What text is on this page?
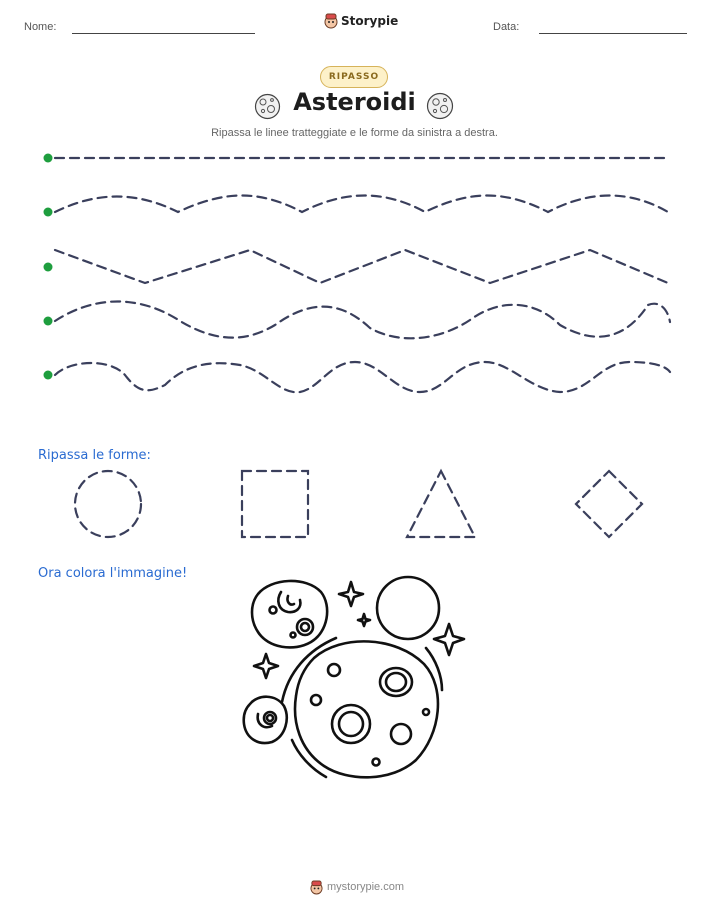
Nome:	Storypie	Data:
RIPASSO
Asteroidi
Ripassa le linee tratteggiate e le forme da sinistra a destra.
Ripassa le forme:
Ora colora l'immagine!
mystorypie.com
